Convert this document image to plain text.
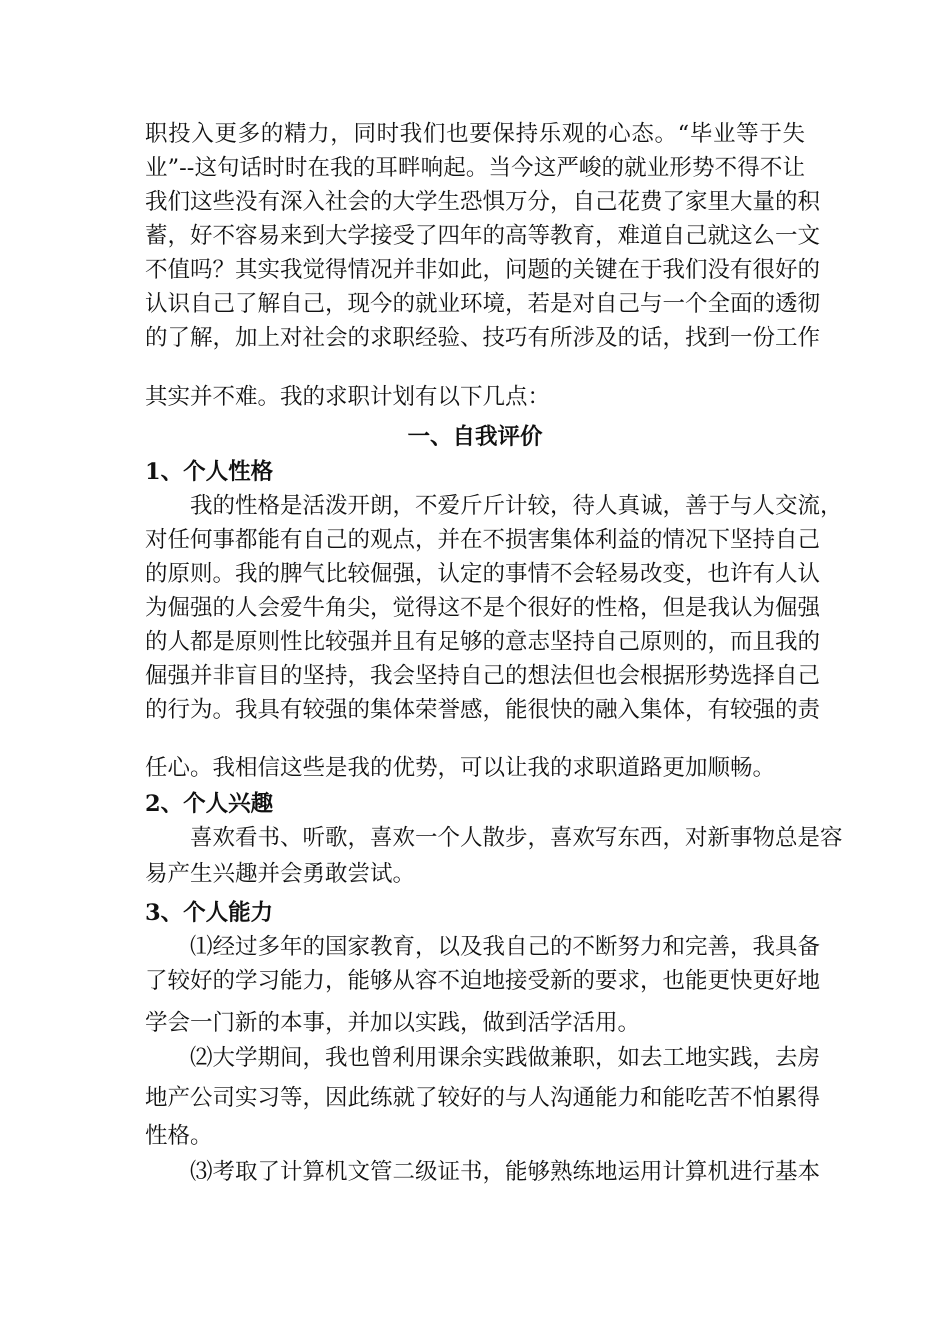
职投入更多的精力，同时我们也要保持乐观的心态。“毕业等于失
业”--这句话时时在我的耳畔响起。当今这严峻的就业形势不得不让
我们这些没有深入社会的大学生恐惧万分，自己花费了家里大量的积
蓄，好不容易来到大学接受了四年的高等教育，难道自己就这么一文
不值吗？其实我觉得情况并非如此，问题的关键在于我们没有很好的
认识自己了解自己，现今的就业环境，若是对自己与一个全面的透彻
的了解，加上对社会的求职经验、技巧有所涉及的话，找到一份工作
其实并不难。我的求职计划有以下几点：
一、自我评价
1、个人性格
我的性格是活泼开朗，不爱斤斤计较，待人真诚，善于与人交流，
对任何事都能有自己的观点，并在不损害集体利益的情况下坚持自己
的原则。我的脾气比较倔强，认定的事情不会轻易改变，也许有人认
为倔强的人会爱牛角尖，觉得这不是个很好的性格，但是我认为倔强
的人都是原则性比较强并且有足够的意志坚持自己原则的，而且我的
倔强并非盲目的坚持，我会坚持自己的想法但也会根据形势选择自己
的行为。我具有较强的集体荣誉感，能很快的融入集体，有较强的责
任心。我相信这些是我的优势，可以让我的求职道路更加顺畅。
2、个人兴趣
喜欢看书、听歌，喜欢一个人散步，喜欢写东西，对新事物总是容
易产生兴趣并会勇敢尝试。
3、个人能力
⑴经过多年的国家教育，以及我自己的不断努力和完善，我具备
了较好的学习能力，能够从容不迫地接受新的要求，也能更快更好地
学会一门新的本事，并加以实践，做到活学活用。
⑵大学期间，我也曾利用课余实践做兼职，如去工地实践，去房
地产公司实习等，因此练就了较好的与人沟通能力和能吃苦不怕累得
性格。
⑶考取了计算机文管二级证书，能够熟练地运用计算机进行基本
